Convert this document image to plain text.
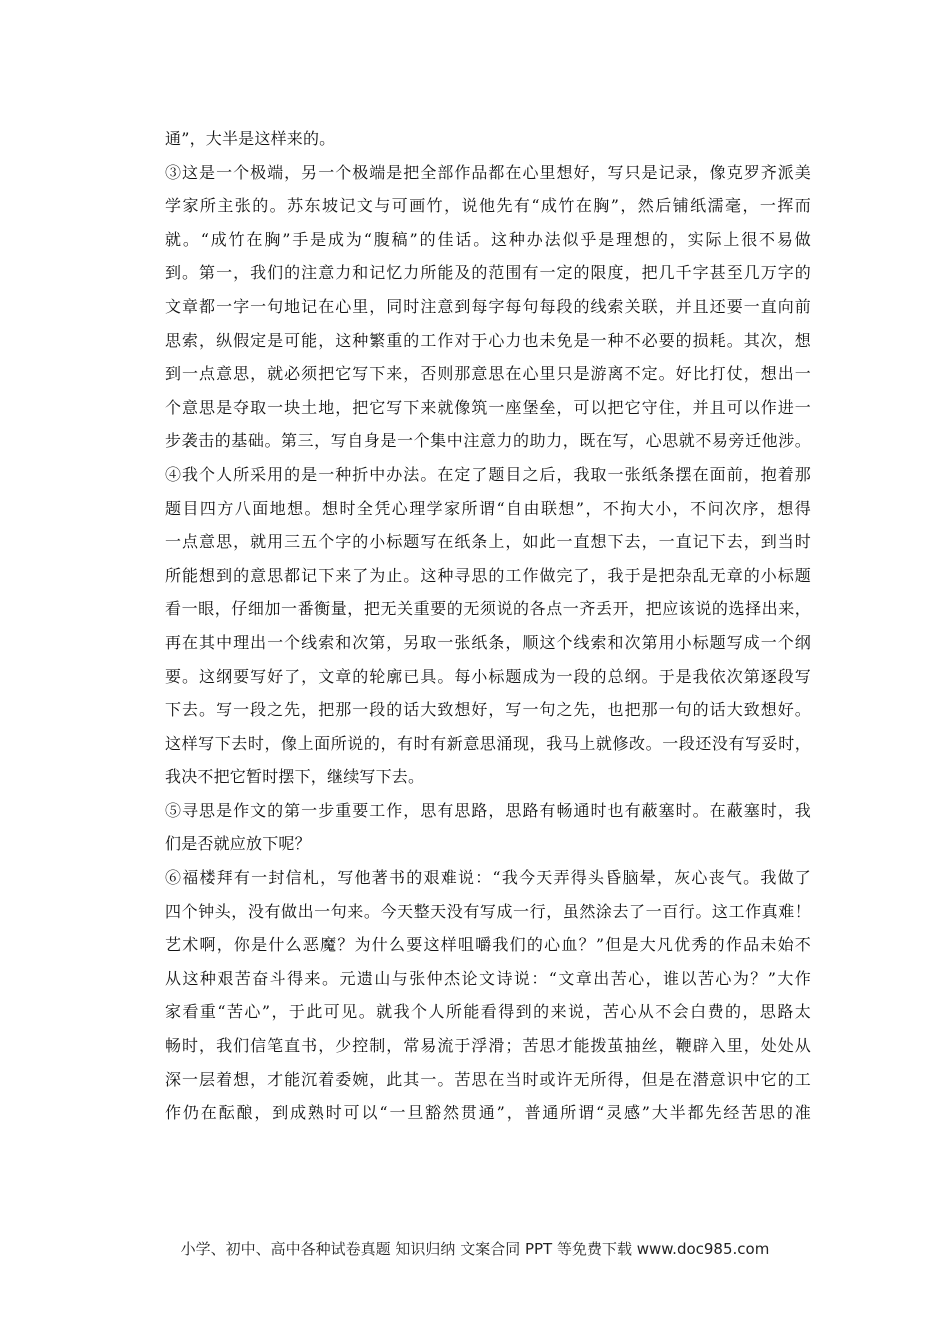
通”，大半是这样来的。
③这是一个极端，另一个极端是把全部作品都在心里想好，写只是记录，像克罗齐派美
学家所主张的。苏东坡记文与可画竹，说他先有“成竹在胸”，然后铺纸濡毫，一挥而
就。“成竹在胸”手是成为“腹稿”的佳话。这种办法似乎是理想的，实际上很不易做
到。第一，我们的注意力和记忆力所能及的范围有一定的限度，把几千字甚至几万字的
文章都一字一句地记在心里，同时注意到每字每句每段的线索关联，并且还要一直向前
思索，纵假定是可能，这种繁重的工作对于心力也未免是一种不必要的损耗。其次，想
到一点意思，就必须把它写下来，否则那意思在心里只是游离不定。好比打仗，想出一
个意思是夺取一块土地，把它写下来就像筑一座堡垒，可以把它守住，并且可以作进一
步袭击的基础。第三，写自身是一个集中注意力的助力，既在写，心思就不易旁迁他涉。
④我个人所采用的是一种折中办法。在定了题目之后，我取一张纸条摆在面前，抱着那
题目四方八面地想。想时全凭心理学家所谓“自由联想”，不拘大小，不问次序，想得
一点意思，就用三五个字的小标题写在纸条上，如此一直想下去，一直记下去，到当时
所能想到的意思都记下来了为止。这种寻思的工作做完了，我于是把杂乱无章的小标题
看一眼，仔细加一番衡量，把无关重要的无须说的各点一齐丢开，把应该说的选择出来，
再在其中理出一个线索和次第，另取一张纸条，顺这个线索和次第用小标题写成一个纲
要。这纲要写好了，文章的轮廓已具。每小标题成为一段的总纲。于是我依次第逐段写
下去。写一段之先，把那一段的话大致想好，写一句之先，也把那一句的话大致想好。
这样写下去时，像上面所说的，有时有新意思涌现，我马上就修改。一段还没有写妥时，
我决不把它暂时摆下，继续写下去。
⑤寻思是作文的第一步重要工作，思有思路，思路有畅通时也有蔽塞时。在蔽塞时，我
们是否就应放下呢？
⑥福楼拜有一封信札，写他著书的艰难说：“我今天弄得头昏脑晕，灰心丧气。我做了
四个钟头，没有做出一句来。今天整天没有写成一行，虽然涂去了一百行。这工作真难！
艺术啊，你是什么恶魔？为什么要这样咀嚼我们的心血？”但是大凡优秀的作品未始不
从这种艰苦奋斗得来。元遗山与张仲杰论文诗说：“文章出苦心，谁以苦心为？”大作
家看重“苦心”，于此可见。就我个人所能看得到的来说，苦心从不会白费的，思路太
畅时，我们信笔直书，少控制，常易流于浮滑；苦思才能拨茧抽丝，鞭辟入里，处处从
深一层着想，才能沉着委婉，此其一。苦思在当时或许无所得，但是在潜意识中它的工
作仍在酝酿，到成熟时可以“一旦豁然贯通”，普通所谓“灵感”大半都先经苦思的准
小学、初中、高中各种试卷真题 知识归纳 文案合同 PPT 等免费下载 www.doc985.com
